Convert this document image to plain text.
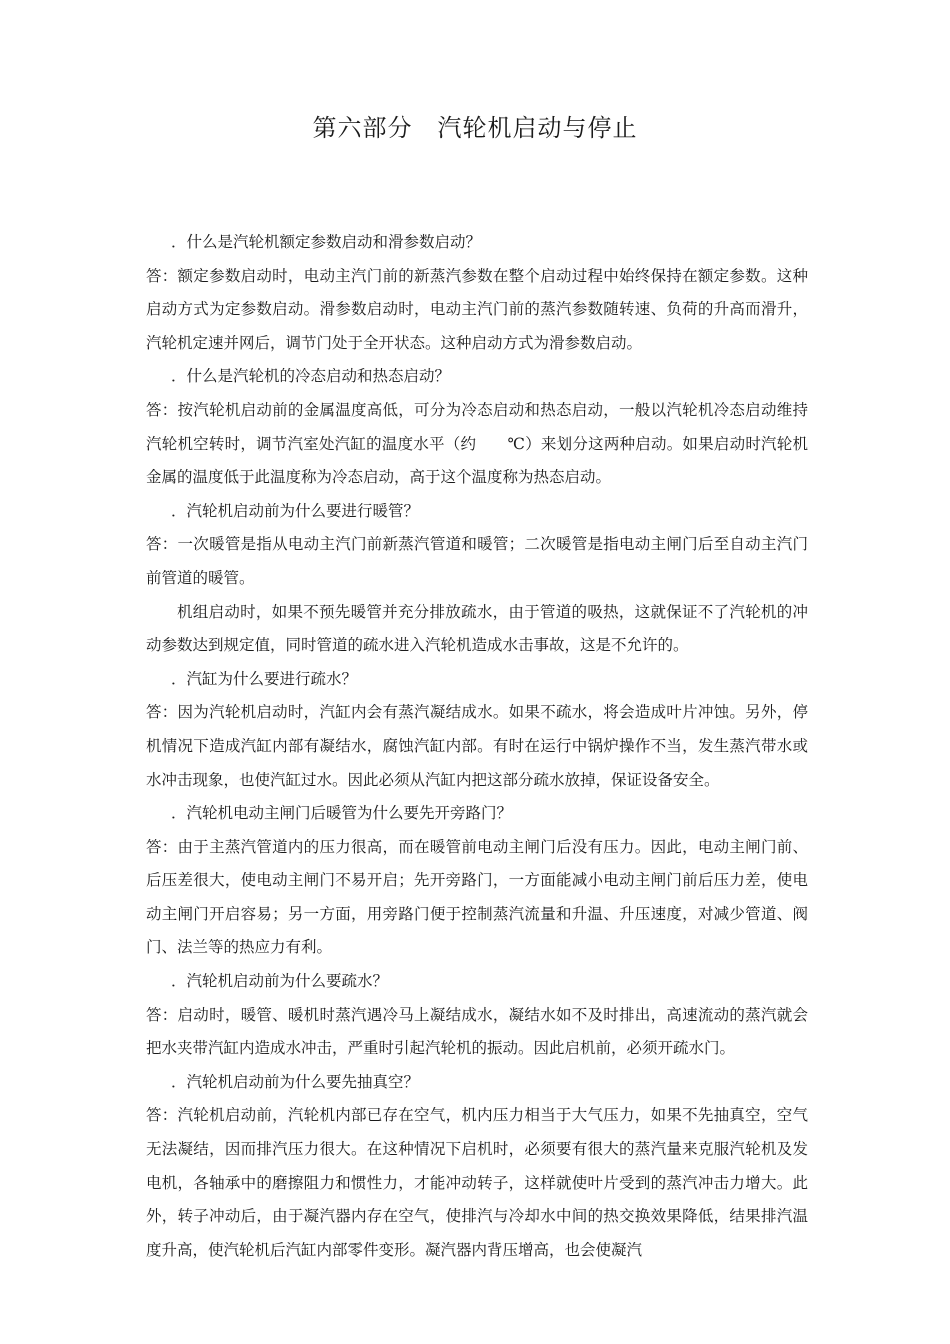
第六部分　汽轮机启动与停止

．什么是汽轮机额定参数启动和滑参数启动？

答：额定参数启动时，电动主汽门前的新蒸汽参数在整个启动过程中始终保持在额定参数。这种启动方式为定参数启动。滑参数启动时，电动主汽门前的蒸汽参数随转速、负荷的升高而滑升，汽轮机定速并网后，调节门处于全开状态。这种启动方式为滑参数启动。

．什么是汽轮机的冷态启动和热态启动？

答：按汽轮机启动前的金属温度高低，可分为冷态启动和热态启动，一般以汽轮机冷态启动维持汽轮机空转时，调节汽室处汽缸的温度水平（约　　℃）来划分这两种启动。如果启动时汽轮机金属的温度低于此温度称为冷态启动，高于这个温度称为热态启动。

．汽轮机启动前为什么要进行暖管？

答：一次暖管是指从电动主汽门前新蒸汽管道和暖管；二次暖管是指电动主闸门后至自动主汽门前管道的暖管。

机组启动时，如果不预先暖管并充分排放疏水，由于管道的吸热，这就保证不了汽轮机的冲动参数达到规定值，同时管道的疏水进入汽轮机造成水击事故，这是不允许的。

．汽缸为什么要进行疏水？

答：因为汽轮机启动时，汽缸内会有蒸汽凝结成水。如果不疏水，将会造成叶片冲蚀。另外，停机情况下造成汽缸内部有凝结水，腐蚀汽缸内部。有时在运行中锅炉操作不当，发生蒸汽带水或水冲击现象，也使汽缸过水。因此必须从汽缸内把这部分疏水放掉，保证设备安全。

．汽轮机电动主闸门后暖管为什么要先开旁路门？

答：由于主蒸汽管道内的压力很高，而在暖管前电动主闸门后没有压力。因此，电动主闸门前、后压差很大，使电动主闸门不易开启；先开旁路门，一方面能减小电动主闸门前后压力差，使电动主闸门开启容易；另一方面，用旁路门便于控制蒸汽流量和升温、升压速度，对减少管道、阀门、法兰等的热应力有利。

．汽轮机启动前为什么要疏水？

答：启动时，暖管、暖机时蒸汽遇冷马上凝结成水，凝结水如不及时排出，高速流动的蒸汽就会把水夹带汽缸内造成水冲击，严重时引起汽轮机的振动。因此启机前，必须开疏水门。

．汽轮机启动前为什么要先抽真空？

答：汽轮机启动前，汽轮机内部已存在空气，机内压力相当于大气压力，如果不先抽真空，空气无法凝结，因而排汽压力很大。在这种情况下启机时，必须要有很大的蒸汽量来克服汽轮机及发电机，各轴承中的磨擦阻力和惯性力，才能冲动转子，这样就使叶片受到的蒸汽冲击力增大。此外，转子冲动后，由于凝汽器内存在空气，使排汽与冷却水中间的热交换效果降低，结果排汽温度升高，使汽轮机后汽缸内部零件变形。凝汽器内背压增高，也会使凝汽
